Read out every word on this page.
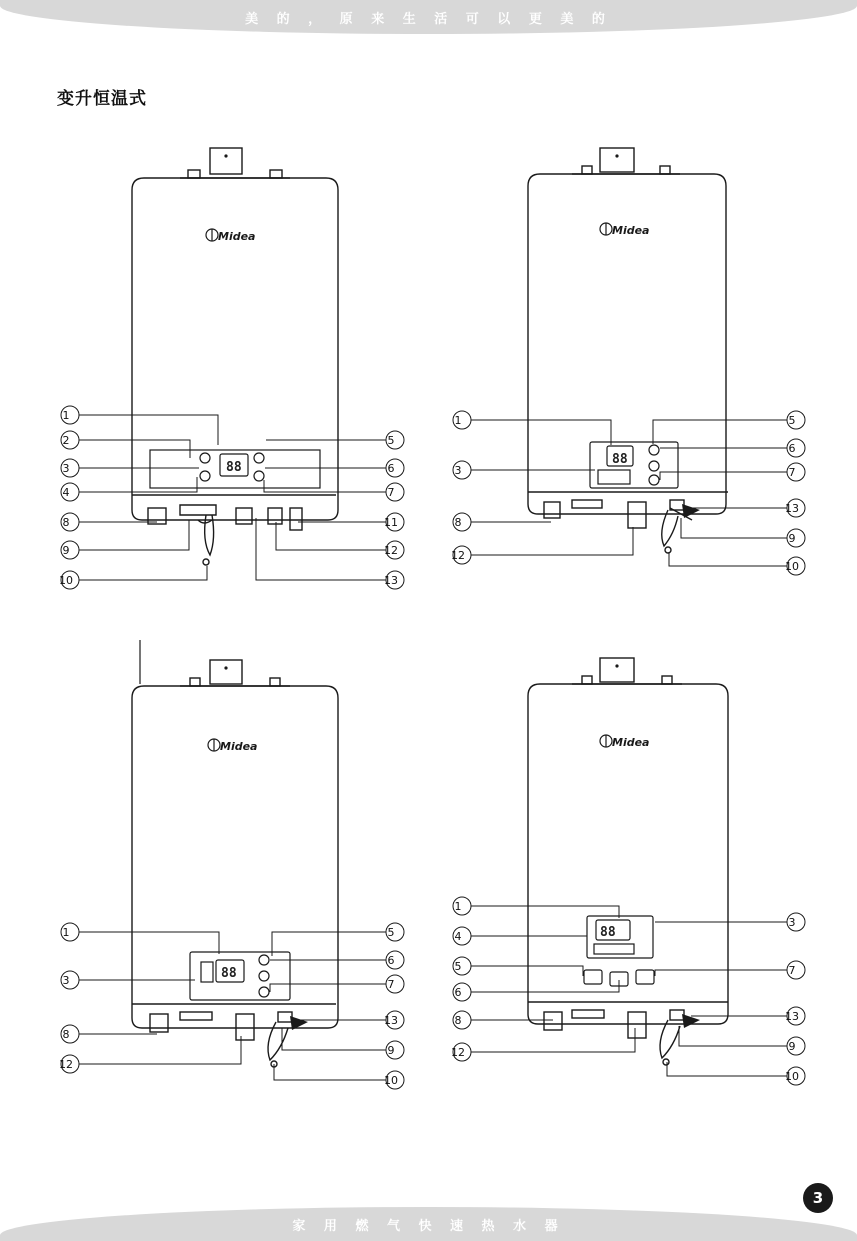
美 的 ， 原 来 生 活 可 以 更 美 的
变升恒温式
Midea
88
1
2
3
4
8
9
10
5
6
7
11
12
13
Midea
88
1
3
8
12
5
6
7
13
9
10
Midea
88
1
3
8
12
5
6
7
13
9
10
Midea
88
1
4
5
6
8
12
3
7
13
9
10
3
家 用 燃 气 快 速 热 水 器
